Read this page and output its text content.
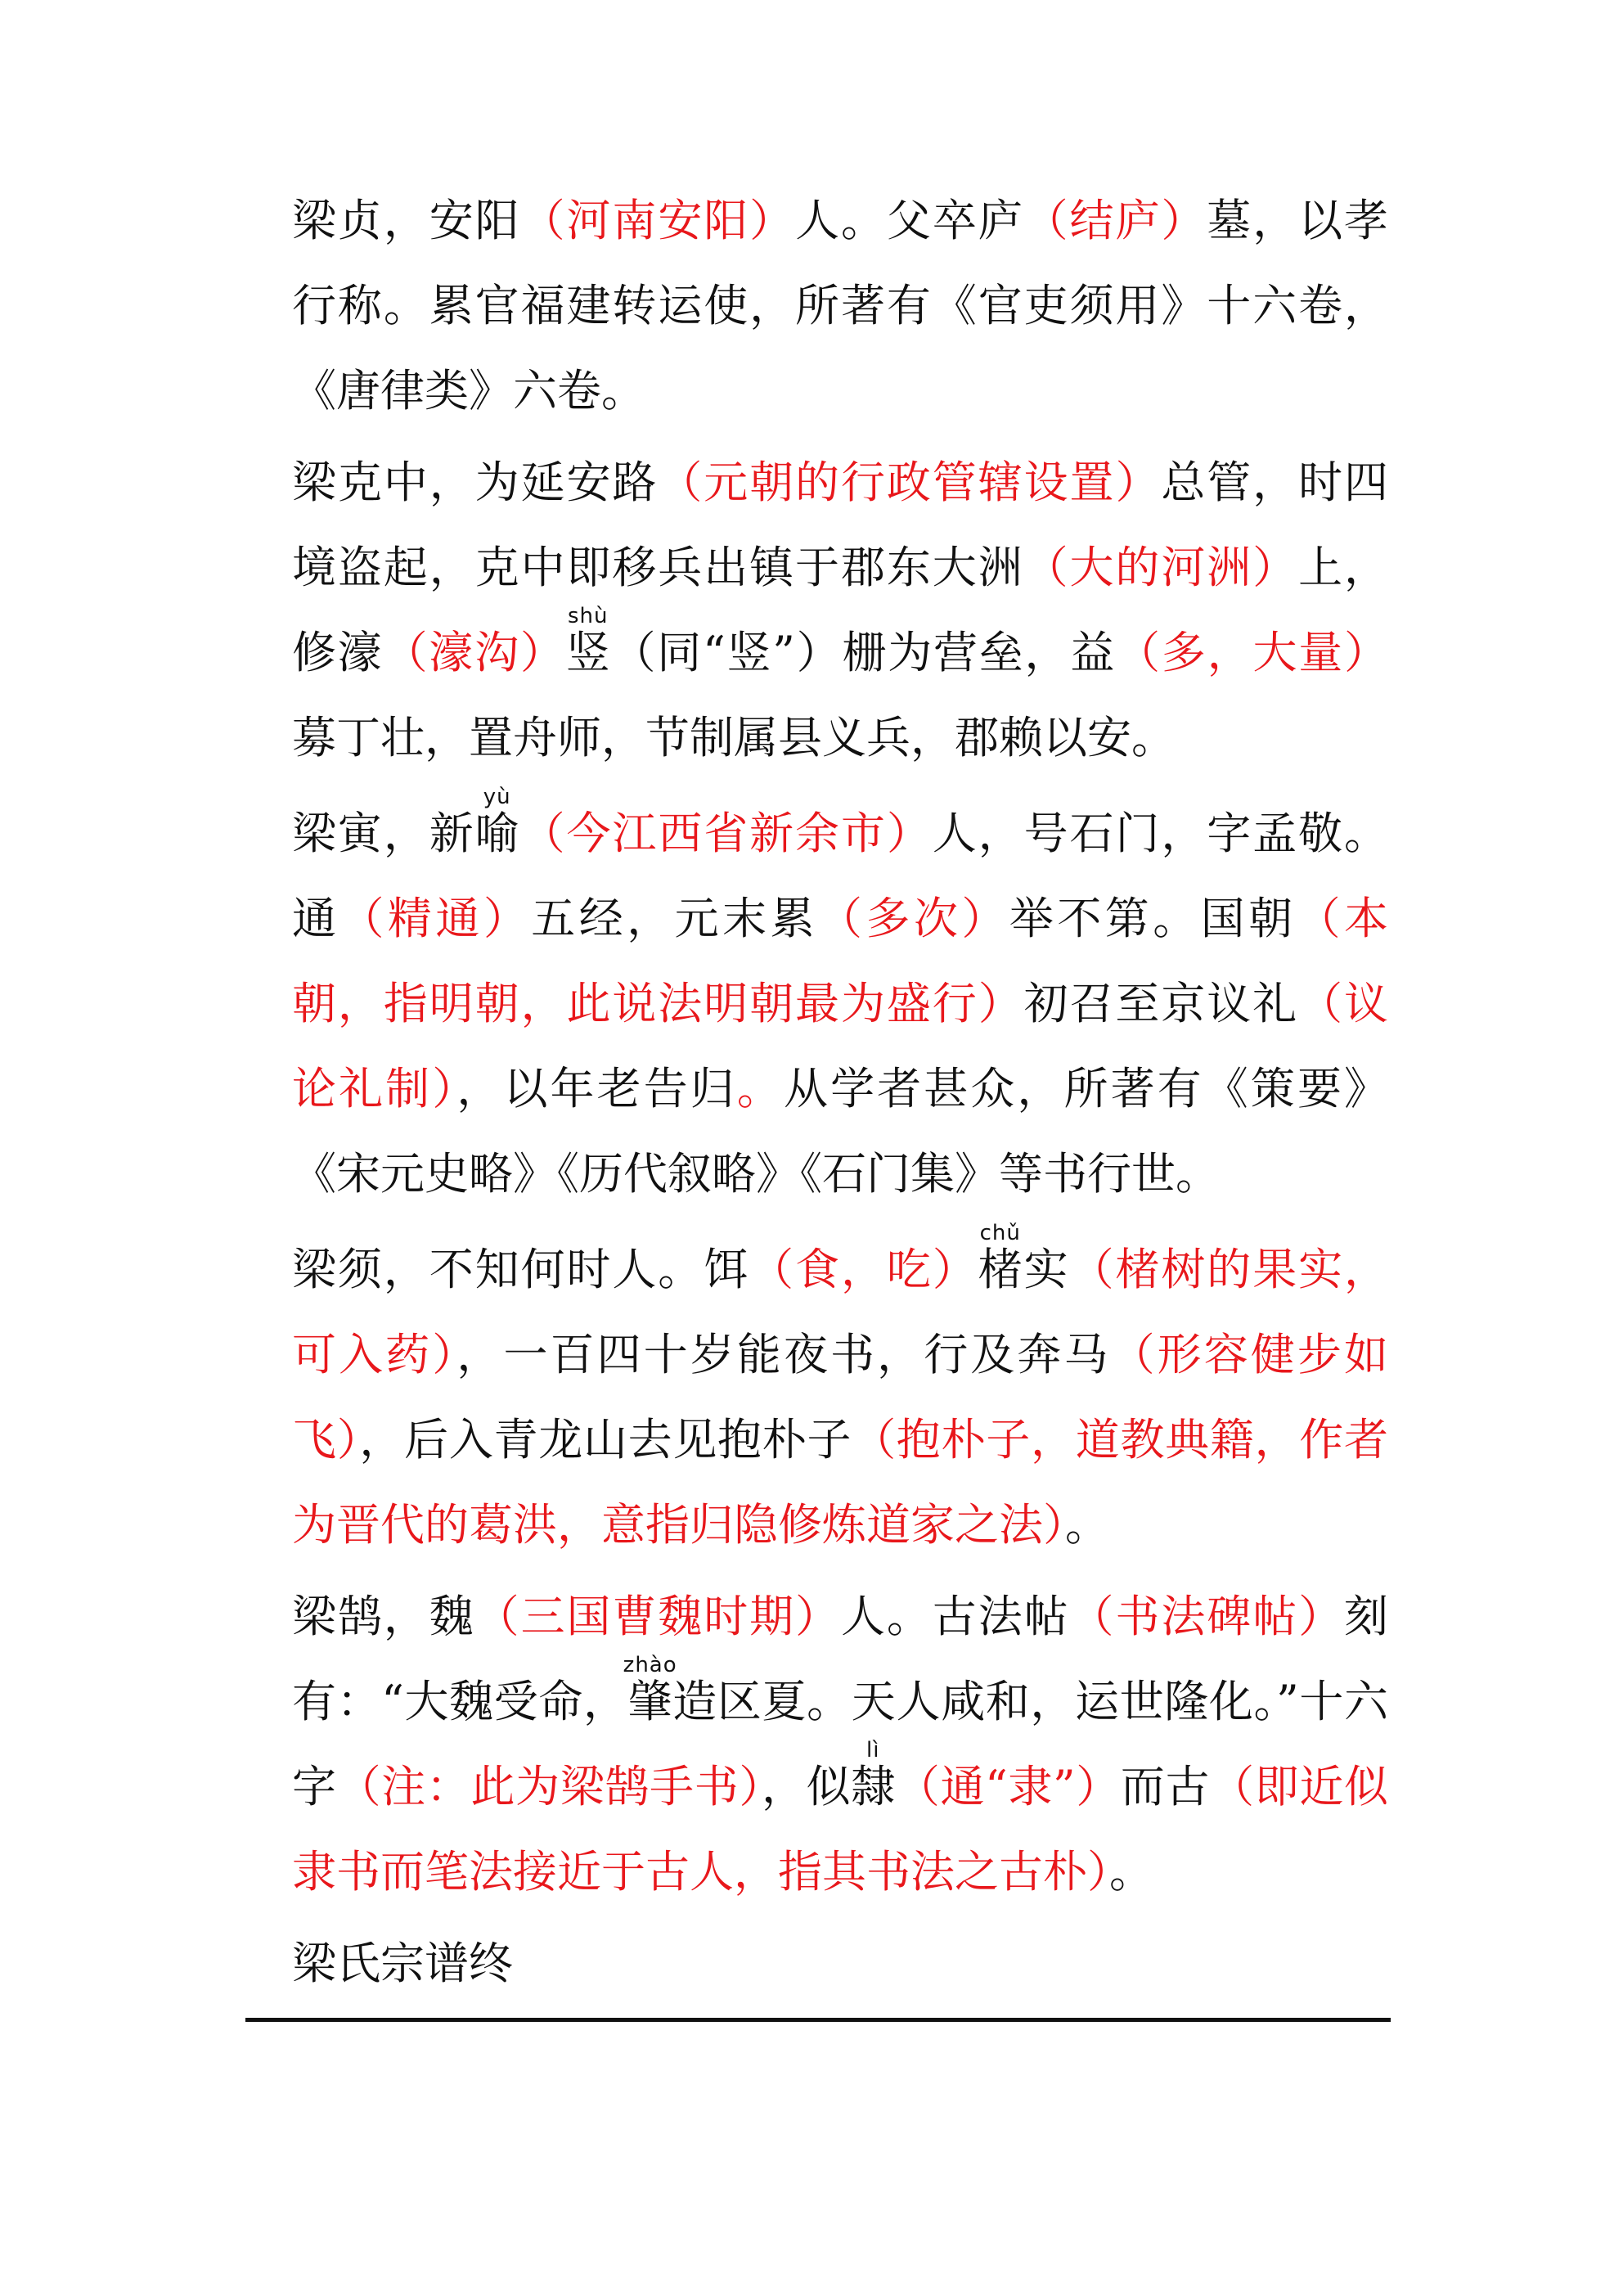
梁贞，安阳（河南安阳）人。父卒庐（结庐）墓，以孝行称。累官福建转运使，所著有《官吏须用》十六卷，《唐律类》六卷。

梁克中，为延安路（元朝的行政管辖设置）总管，时四境盗起，克中即移兵出镇于郡东大洲（大的河洲）上，修濠（濠沟）竖shù（同“竖”）栅为营垒，益（多，大量）募丁壮，置舟师，节制属县义兵，郡赖以安。

梁寅，新喻yù（今江西省新余市）人，号石门，字孟敬。通（精通）五经，元末累（多次）举不第。国朝（本朝，指明朝，此说法明朝最为盛行）初召至京议礼（议论礼制），以年老告归。从学者甚众，所著有《策要》《宋元史略》《历代叙略》《石门集》等书行世。

梁须，不知何时人。饵（食，吃）楮chǔ实（楮树的果实，可入药），一百四十岁能夜书，行及奔马（形容健步如飞），后入青龙山去见抱朴子（抱朴子，道教典籍，作者为晋代的葛洪，意指归隐修炼道家之法）。

梁鹄，魏（三国曹魏时期）人。古法帖（书法碑帖）刻有：“大魏受命，肇zhào造区夏。天人咸和，运世隆化。”十六字（注：此为梁鹄手书），似隸lì（通“隶”）而古（即近似隶书而笔法接近于古人，指其书法之古朴）。

梁氏宗谱终
